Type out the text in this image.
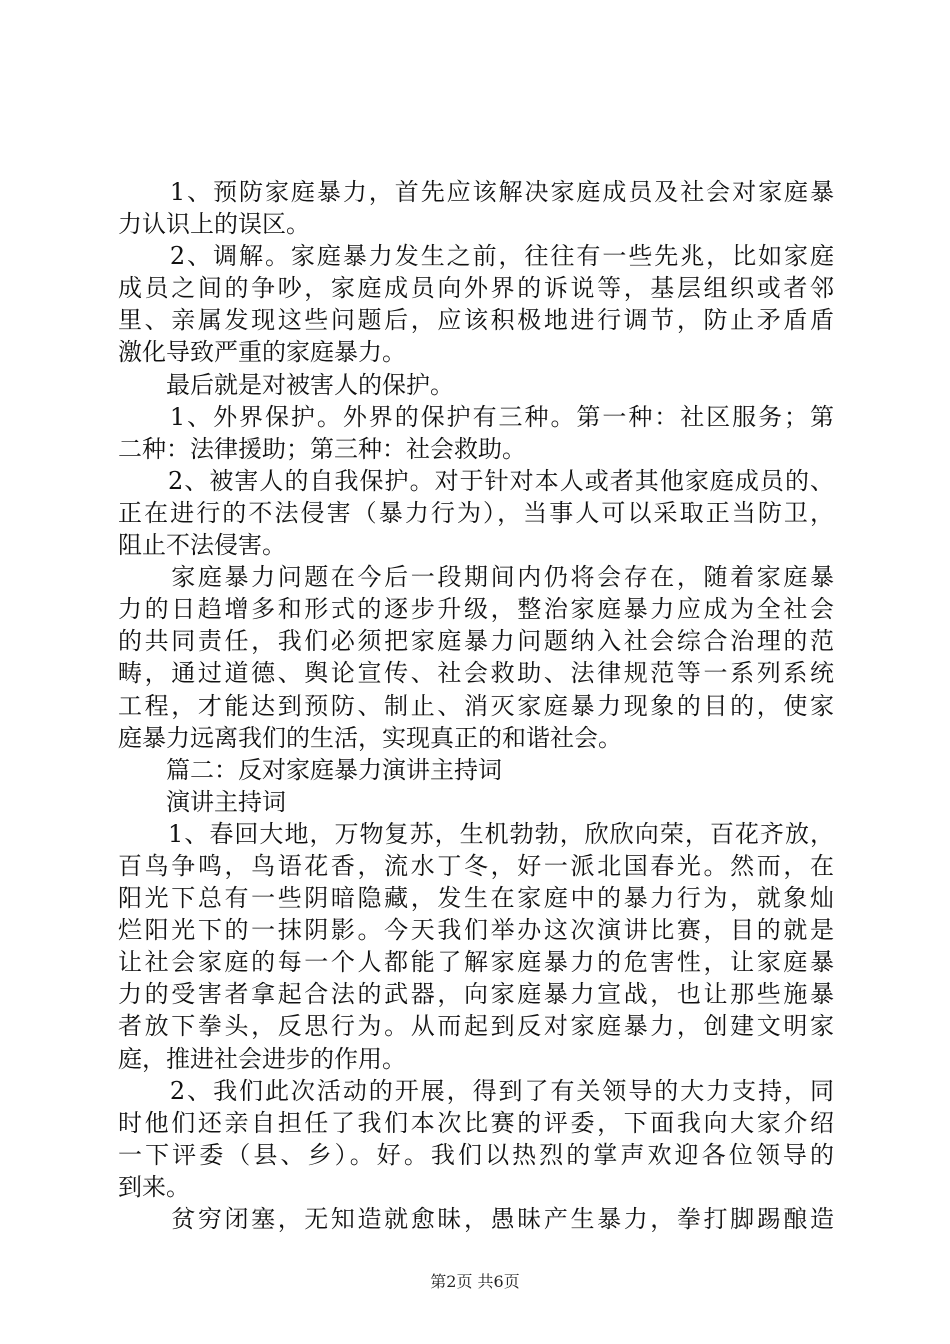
　　1、预防家庭暴力，首先应该解决家庭成员及社会对家庭暴
力认识上的误区。
　　2、调解。家庭暴力发生之前，往往有一些先兆，比如家庭
成员之间的争吵，家庭成员向外界的诉说等，基层组织或者邻
里、亲属发现这些问题后，应该积极地进行调节，防止矛盾盾
激化导致严重的家庭暴力。
　　最后就是对被害人的保护。
　　1、外界保护。外界的保护有三种。第一种：社区服务；第
二种：法律援助；第三种：社会救助。
　　2、被害人的自我保护。对于针对本人或者其他家庭成员的、
正在进行的不法侵害（暴力行为），当事人可以采取正当防卫，
阻止不法侵害。
　　家庭暴力问题在今后一段期间内仍将会存在，随着家庭暴
力的日趋增多和形式的逐步升级，整治家庭暴力应成为全社会
的共同责任，我们必须把家庭暴力问题纳入社会综合治理的范
畴，通过道德、舆论宣传、社会救助、法律规范等一系列系统
工程，才能达到预防、制止、消灭家庭暴力现象的目的，使家
庭暴力远离我们的生活，实现真正的和谐社会。
　　篇二：反对家庭暴力演讲主持词
　　演讲主持词
　　1、春回大地，万物复苏，生机勃勃，欣欣向荣，百花齐放，
百鸟争鸣，鸟语花香，流水丁冬，好一派北国春光。然而，在
阳光下总有一些阴暗隐藏，发生在家庭中的暴力行为，就象灿
烂阳光下的一抹阴影。今天我们举办这次演讲比赛，目的就是
让社会家庭的每一个人都能了解家庭暴力的危害性，让家庭暴
力的受害者拿起合法的武器，向家庭暴力宣战，也让那些施暴
者放下拳头，反思行为。从而起到反对家庭暴力，创建文明家
庭，推进社会进步的作用。
　　2、我们此次活动的开展，得到了有关领导的大力支持，同
时他们还亲自担任了我们本次比赛的评委，下面我向大家介绍
一下评委（县、乡）。好。我们以热烈的掌声欢迎各位领导的
到来。
　　贫穷闭塞，无知造就愈昧，愚昧产生暴力，拳打脚踢酿造
第2页 共6页
